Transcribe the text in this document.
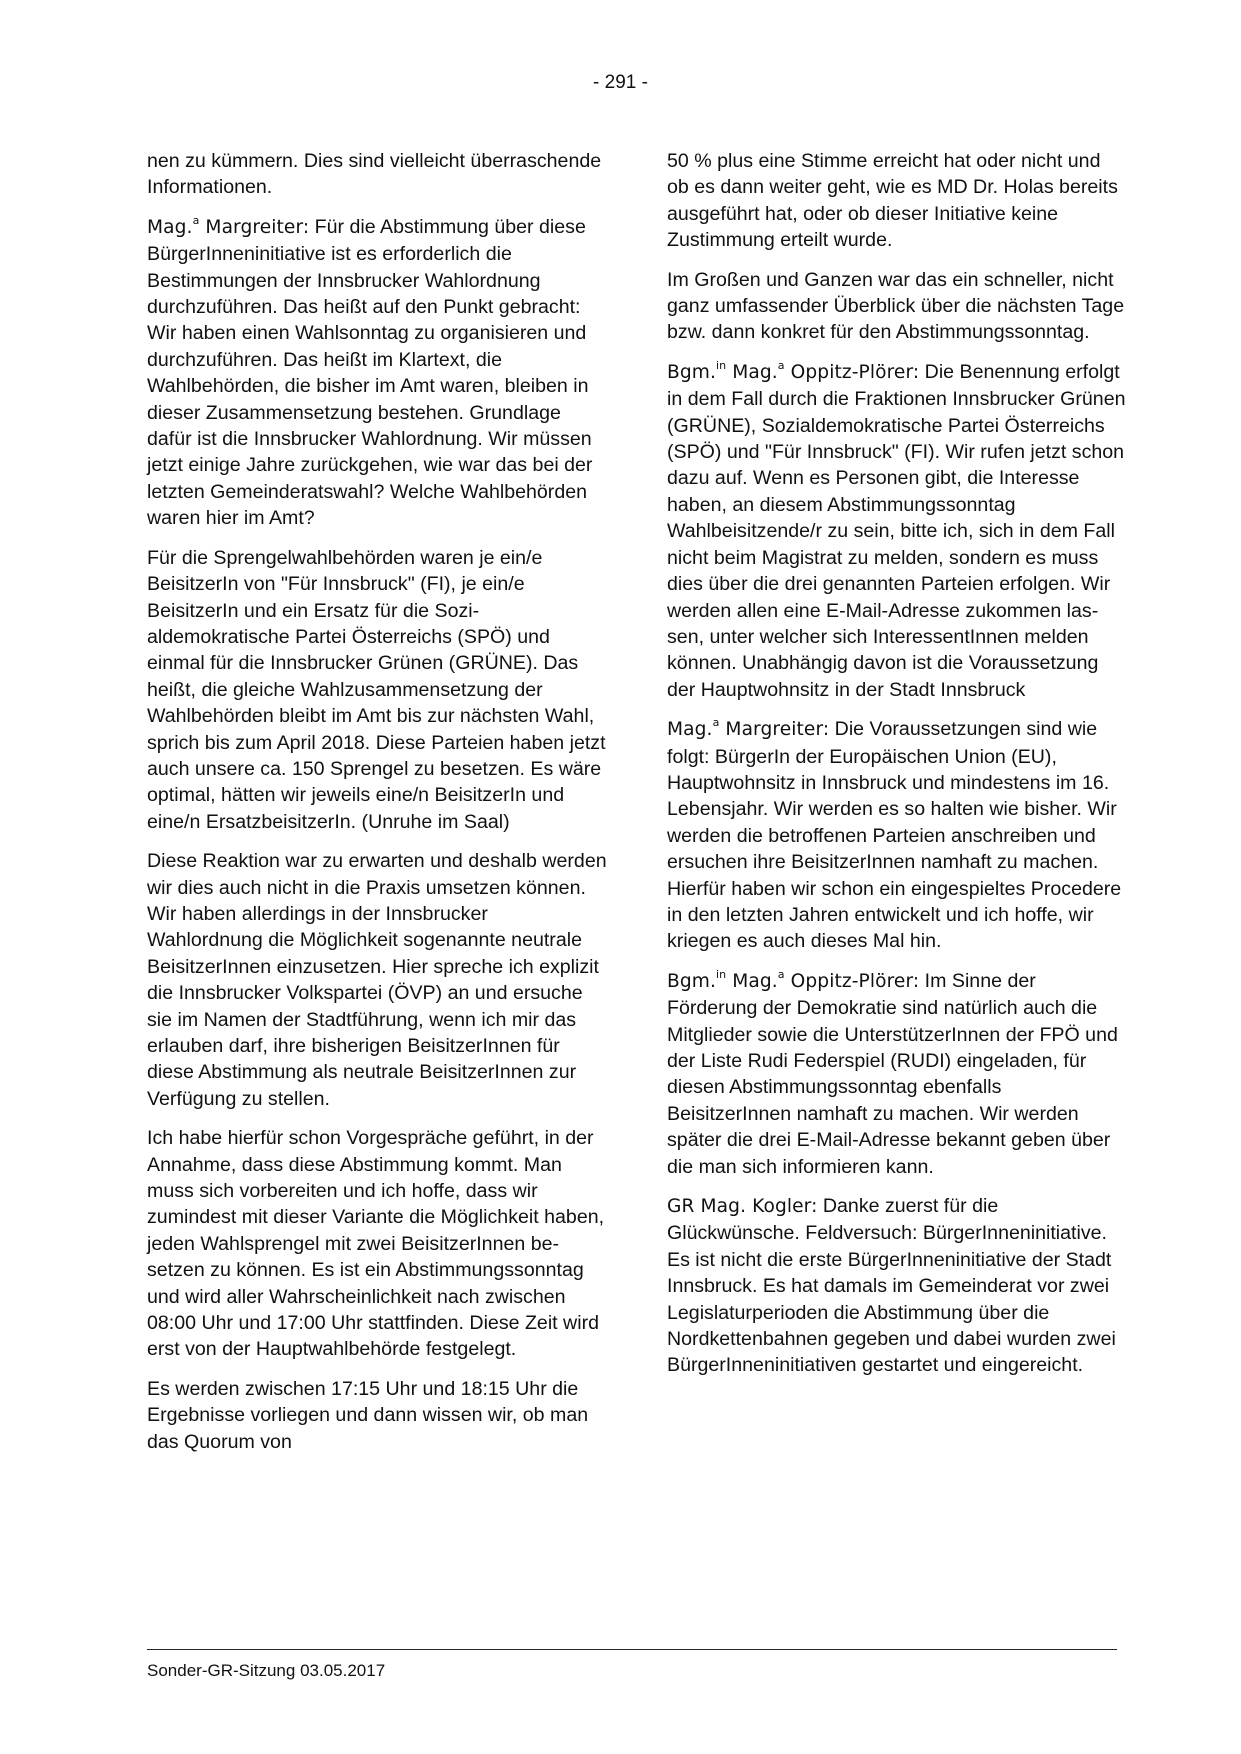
- 291 -

nen zu kümmern. Dies sind vielleicht überraschende Informationen.

Mag.$^a$ Margreiter: Für die Abstimmung über diese BürgerInneninitiative ist es erforderlich die Bestimmungen der Innsbrucker Wahlordnung durchzuführen. Das heißt auf den Punkt gebracht: Wir haben einen Wahlsonntag zu organisieren und durchzuführen. Das heißt im Klartext, die Wahlbehörden, die bisher im Amt waren, bleiben in dieser Zusammensetzung bestehen. Grundlage dafür ist die Innsbrucker Wahlordnung. Wir müssen jetzt einige Jahre zurückgehen, wie war das bei der letzten Gemeinderatswahl? Welche Wahlbehörden waren hier im Amt?

Für die Sprengelwahlbehörden waren je ein/e BeisitzerIn von "Für Innsbruck" (FI), je ein/e BeisitzerIn und ein Ersatz für die Sozialdemokratische Partei Österreichs (SPÖ) und einmal für die Innsbrucker Grünen (GRÜNE). Das heißt, die gleiche Wahlzusammensetzung der Wahlbehörden bleibt im Amt bis zur nächsten Wahl, sprich bis zum April 2018. Diese Parteien haben jetzt auch unsere ca. 150 Sprengel zu besetzen. Es wäre optimal, hätten wir jeweils eine/n BeisitzerIn und eine/n ErsatzbeisitzerIn. (Unruhe im Saal)

Diese Reaktion war zu erwarten und deshalb werden wir dies auch nicht in die Praxis umsetzen können. Wir haben allerdings in der Innsbrucker Wahlordnung die Möglichkeit sogenannte neutrale BeisitzerInnen einzusetzen. Hier spreche ich explizit die Innsbrucker Volkspartei (ÖVP) an und ersuche sie im Namen der Stadtführung, wenn ich mir das erlauben darf, ihre bisherigen BeisitzerInnen für diese Abstimmung als neutrale BeisitzerInnen zur Verfügung zu stellen.

Ich habe hierfür schon Vorgespräche geführt, in der Annahme, dass diese Abstimmung kommt. Man muss sich vorbereiten und ich hoffe, dass wir zumindest mit dieser Variante die Möglichkeit haben, jeden Wahlsprengel mit zwei BeisitzerInnen besetzen zu können. Es ist ein Abstimmungssonntag und wird aller Wahrscheinlichkeit nach zwischen 08:00 Uhr und 17:00 Uhr stattfinden. Diese Zeit wird erst von der Hauptwahlbehörde festgelegt.

Es werden zwischen 17:15 Uhr und 18:15 Uhr die Ergebnisse vorliegen und dann wissen wir, ob man das Quorum von

50 % plus eine Stimme erreicht hat oder nicht und ob es dann weiter geht, wie es MD Dr. Holas bereits ausgeführt hat, oder ob dieser Initiative keine Zustimmung erteilt wurde.

Im Großen und Ganzen war das ein schneller, nicht ganz umfassender Überblick über die nächsten Tage bzw. dann konkret für den Abstimmungssonntag.

Bgm.$^{in}$ Mag.$^a$ Oppitz-Plörer: Die Benennung erfolgt in dem Fall durch die Fraktionen Innsbrucker Grünen (GRÜNE), Sozialdemokratische Partei Österreichs (SPÖ) und "Für Innsbruck" (FI). Wir rufen jetzt schon dazu auf. Wenn es Personen gibt, die Interesse haben, an diesem Abstimmungssonntag Wahlbeisitzende/r zu sein, bitte ich, sich in dem Fall nicht beim Magistrat zu melden, sondern es muss dies über die drei genannten Parteien erfolgen. Wir werden allen eine E-Mail-Adresse zukommen lassen, unter welcher sich InteressentInnen melden können. Unabhängig davon ist die Voraussetzung der Hauptwohnsitz in der Stadt Innsbruck

Mag.$^a$ Margreiter: Die Voraussetzungen sind wie folgt: BürgerIn der Europäischen Union (EU), Hauptwohnsitz in Innsbruck und mindestens im 16. Lebensjahr. Wir werden es so halten wie bisher. Wir werden die betroffenen Parteien anschreiben und ersuchen ihre BeisitzerInnen namhaft zu machen. Hierfür haben wir schon ein eingespieltes Procedere in den letzten Jahren entwickelt und ich hoffe, wir kriegen es auch dieses Mal hin.

Bgm.$^{in}$ Mag.$^a$ Oppitz-Plörer: Im Sinne der Förderung der Demokratie sind natürlich auch die Mitglieder sowie die UnterstützerInnen der FPÖ und der Liste Rudi Federspiel (RUDI) eingeladen, für diesen Abstimmungssonntag ebenfalls BeisitzerInnen namhaft zu machen. Wir werden später die drei E-Mail-Adresse bekannt geben über die man sich informieren kann.

GR Mag. Kogler: Danke zuerst für die Glückwünsche. Feldversuch: BürgerInneninitiative. Es ist nicht die erste BürgerInneninitiative der Stadt Innsbruck. Es hat damals im Gemeinderat vor zwei Legislaturperioden die Abstimmung über die Nordkettenbahnen gegeben und dabei wurden zwei BürgerInneninitiativen gestartet und eingereicht.

Sonder-GR-Sitzung 03.05.2017
